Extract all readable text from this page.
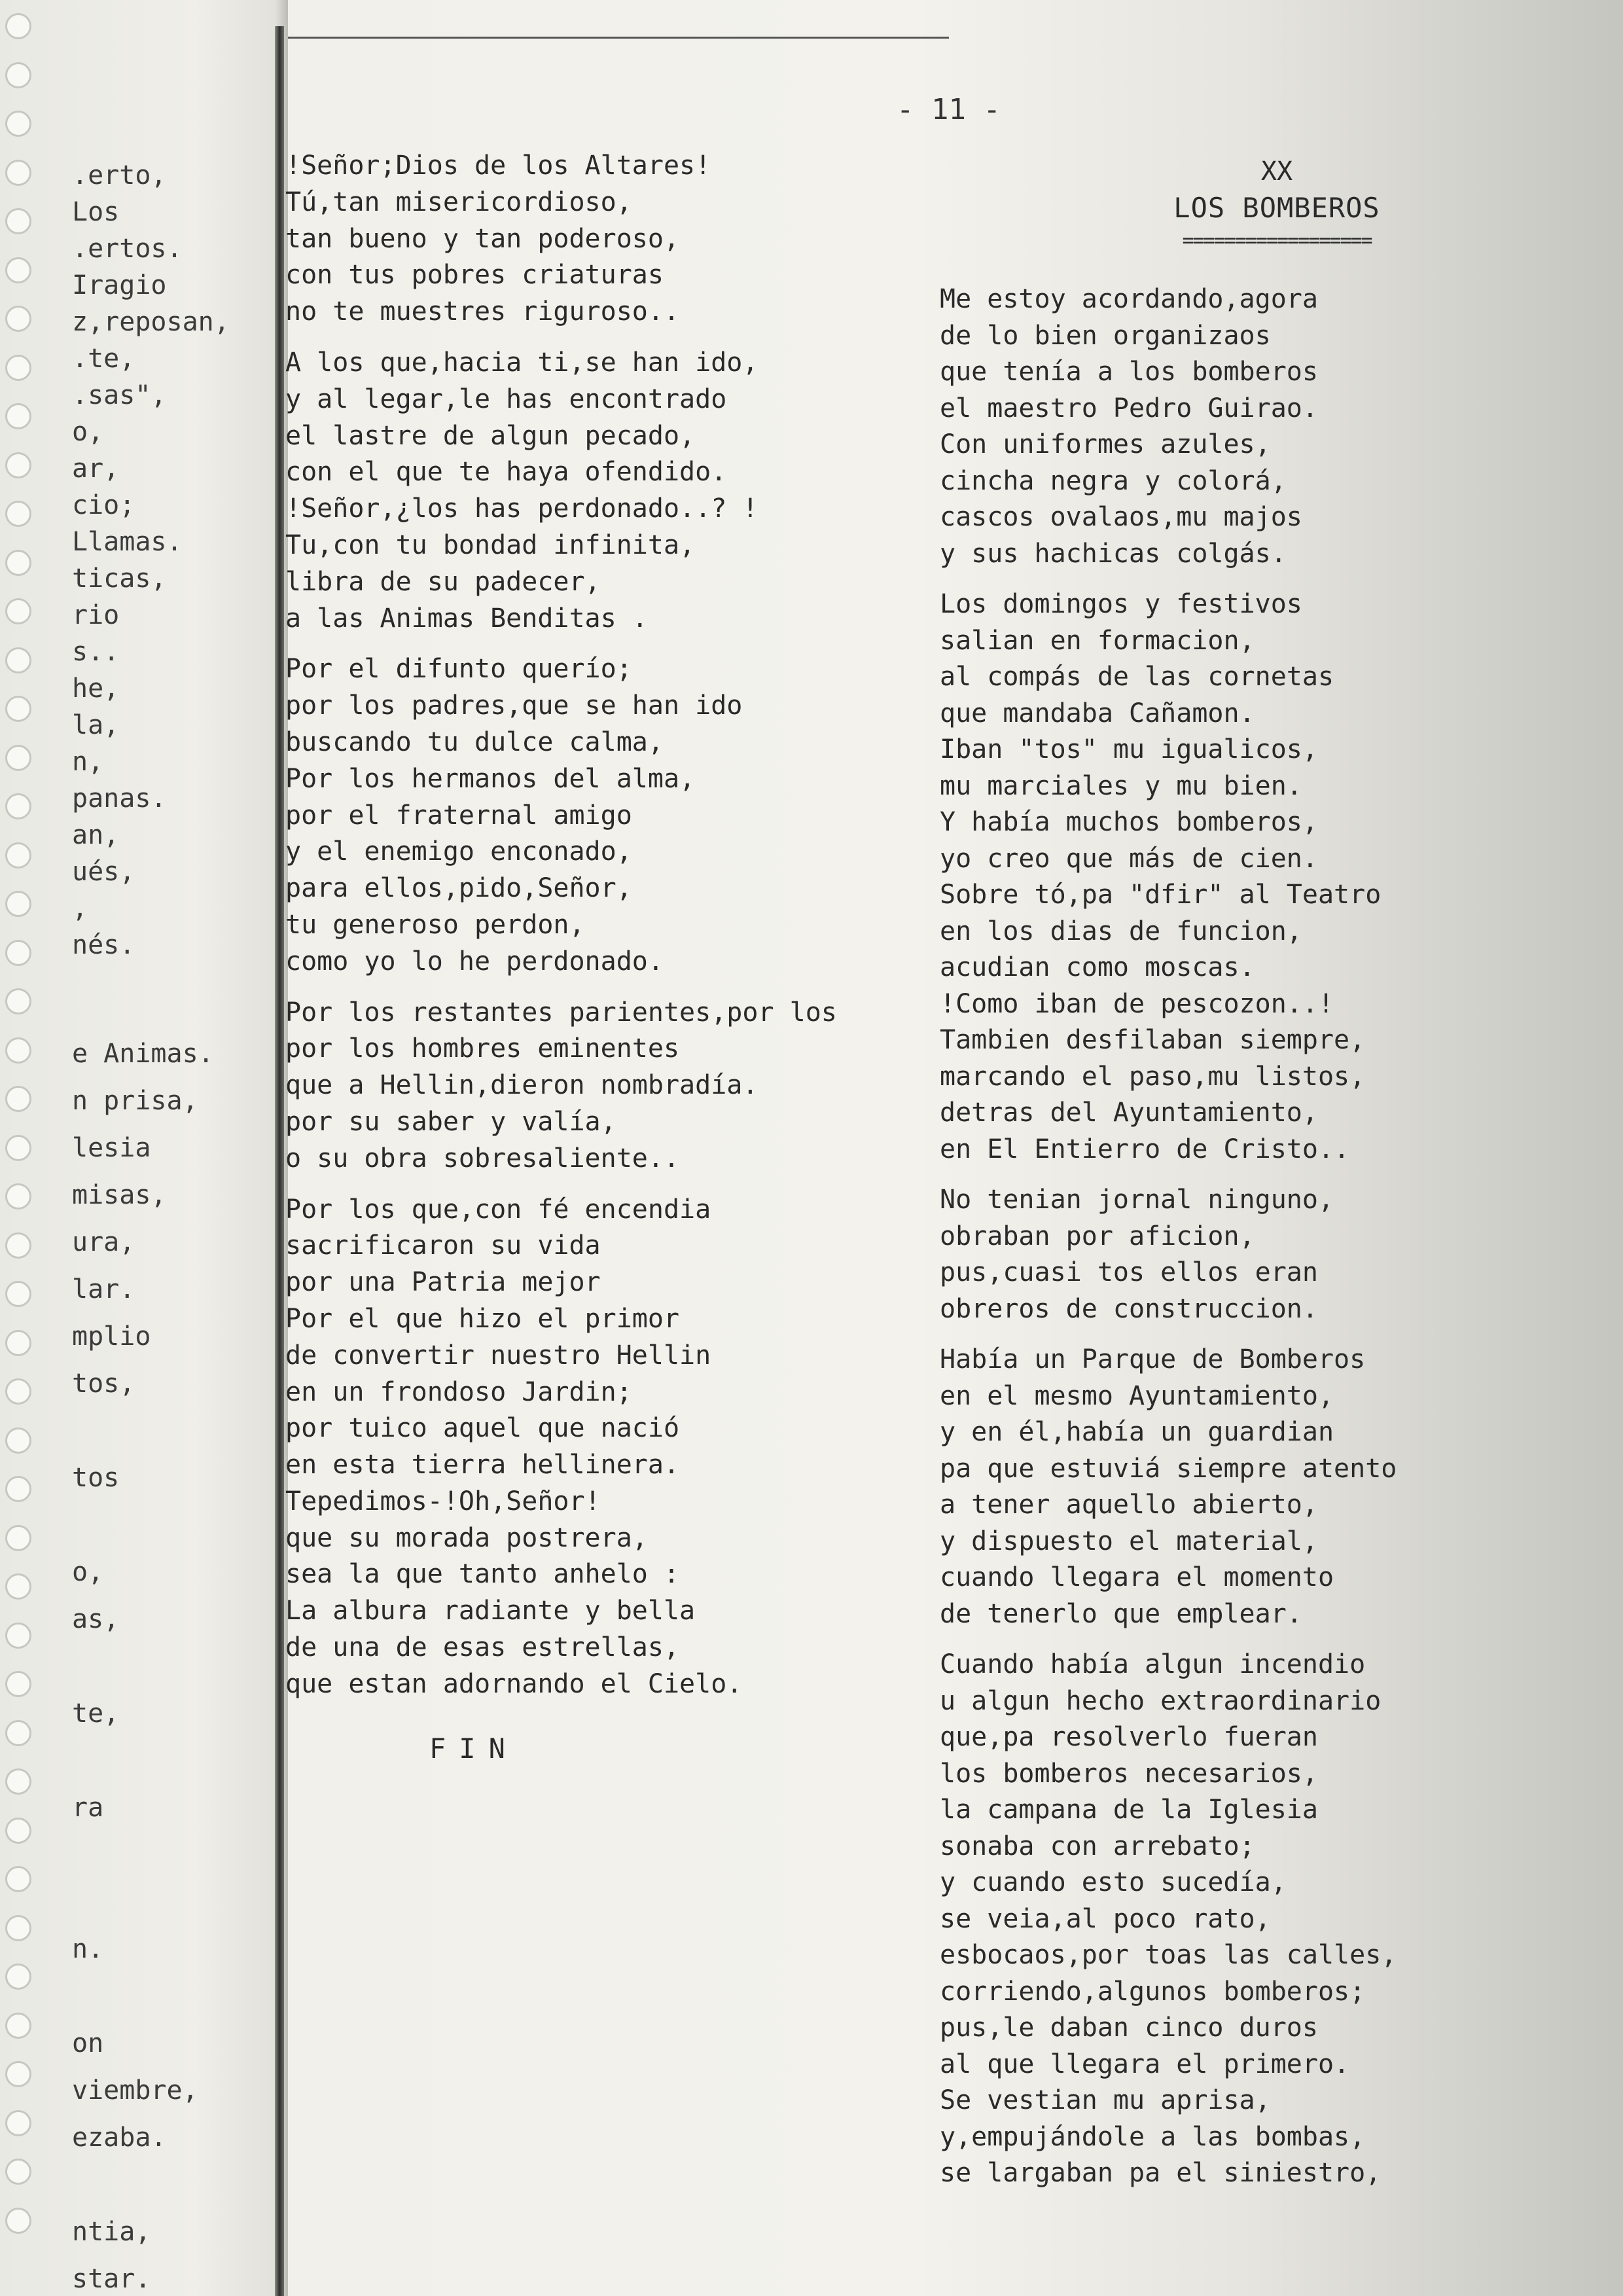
.erto,
Los
.ertos.
Iragio
z,reposan,
.te,
.sas",
o,
ar,
cio;
Llamas.
ticas,
rio
s..
he,
la,
n,
panas.
an,
ués,
,
nés.
e Animas.
n prisa,
lesia
misas,
ura,
lar.
mplio
tos,
tos
o,
as,
te,
ra
n.
on
viembre,
ezaba.
ntia,
star.
- 11 -
!Señor;Dios de los Altares!
Tú,tan misericordioso,
tan bueno y tan poderoso,
con tus pobres criaturas
no te muestres riguroso..
A los que,hacia ti,se han ido,
y al legar,le has encontrado
el lastre de algun pecado,
con el que te haya ofendido.
!Señor,¿los has perdonado..? !
Tu,con tu bondad infinita,
libra de su padecer,
a las Animas Benditas .
Por el difunto querío;
por los padres,que se han ido
buscando tu dulce calma,
Por los hermanos del alma,
por el fraternal amigo
y el enemigo enconado,
para ellos,pido,Señor,
tu generoso perdon,
como yo lo he perdonado.
Por los restantes parientes,por los
por los hombres eminentes
que a Hellin,dieron nombradía.
por su saber y valía,
o su obra sobresaliente..
Por los que,con fé encendia
sacrificaron su vida
por una Patria mejor
Por el que hizo el primor
de convertir nuestro Hellin
en un frondoso Jardin;
por tuico aquel que nació
en esta tierra hellinera.
Tepedimos-!Oh,Señor!
que su morada postrera,
sea la que tanto anhelo :
La albura radiante y bella
de una de esas estrellas,
que estan adornando el Cielo.
FIN
XX
LOS BOMBEROS
==================
Me estoy acordando,agora
de lo bien organizaos
que tenía a los bomberos
el maestro Pedro Guirao.
Con uniformes azules,
cincha negra y colorá,
cascos ovalaos,mu majos
y sus hachicas colgás.
Los domingos y festivos
salian en formacion,
al compás de las cornetas
que mandaba Cañamon.
Iban "tos" mu igualicos,
mu marciales y mu bien.
Y había muchos bomberos,
yo creo que más de cien.
Sobre tó,pa "dfir" al Teatro
en los dias de funcion,
acudian como moscas.
!Como iban de pescozon..!
Tambien desfilaban siempre,
marcando el paso,mu listos,
detras del Ayuntamiento,
en El Entierro de Cristo..
No tenian jornal ninguno,
obraban por aficion,
pus,cuasi tos ellos eran
obreros de construccion.
Había un Parque de Bomberos
en el mesmo Ayuntamiento,
y en él,había un guardian
pa que estuviá siempre atento
a tener aquello abierto,
y dispuesto el material,
cuando llegara el momento
de tenerlo que emplear.
Cuando había algun incendio
u algun hecho extraordinario
que,pa resolverlo fueran
los bomberos necesarios,
la campana de la Iglesia
sonaba con arrebato;
y cuando esto sucedía,
se veia,al poco rato,
esbocaos,por toas las calles,
corriendo,algunos bomberos;
pus,le daban cinco duros
al que llegara el primero.
Se vestian mu aprisa,
y,empujándole a las bombas,
se largaban pa el siniestro,
